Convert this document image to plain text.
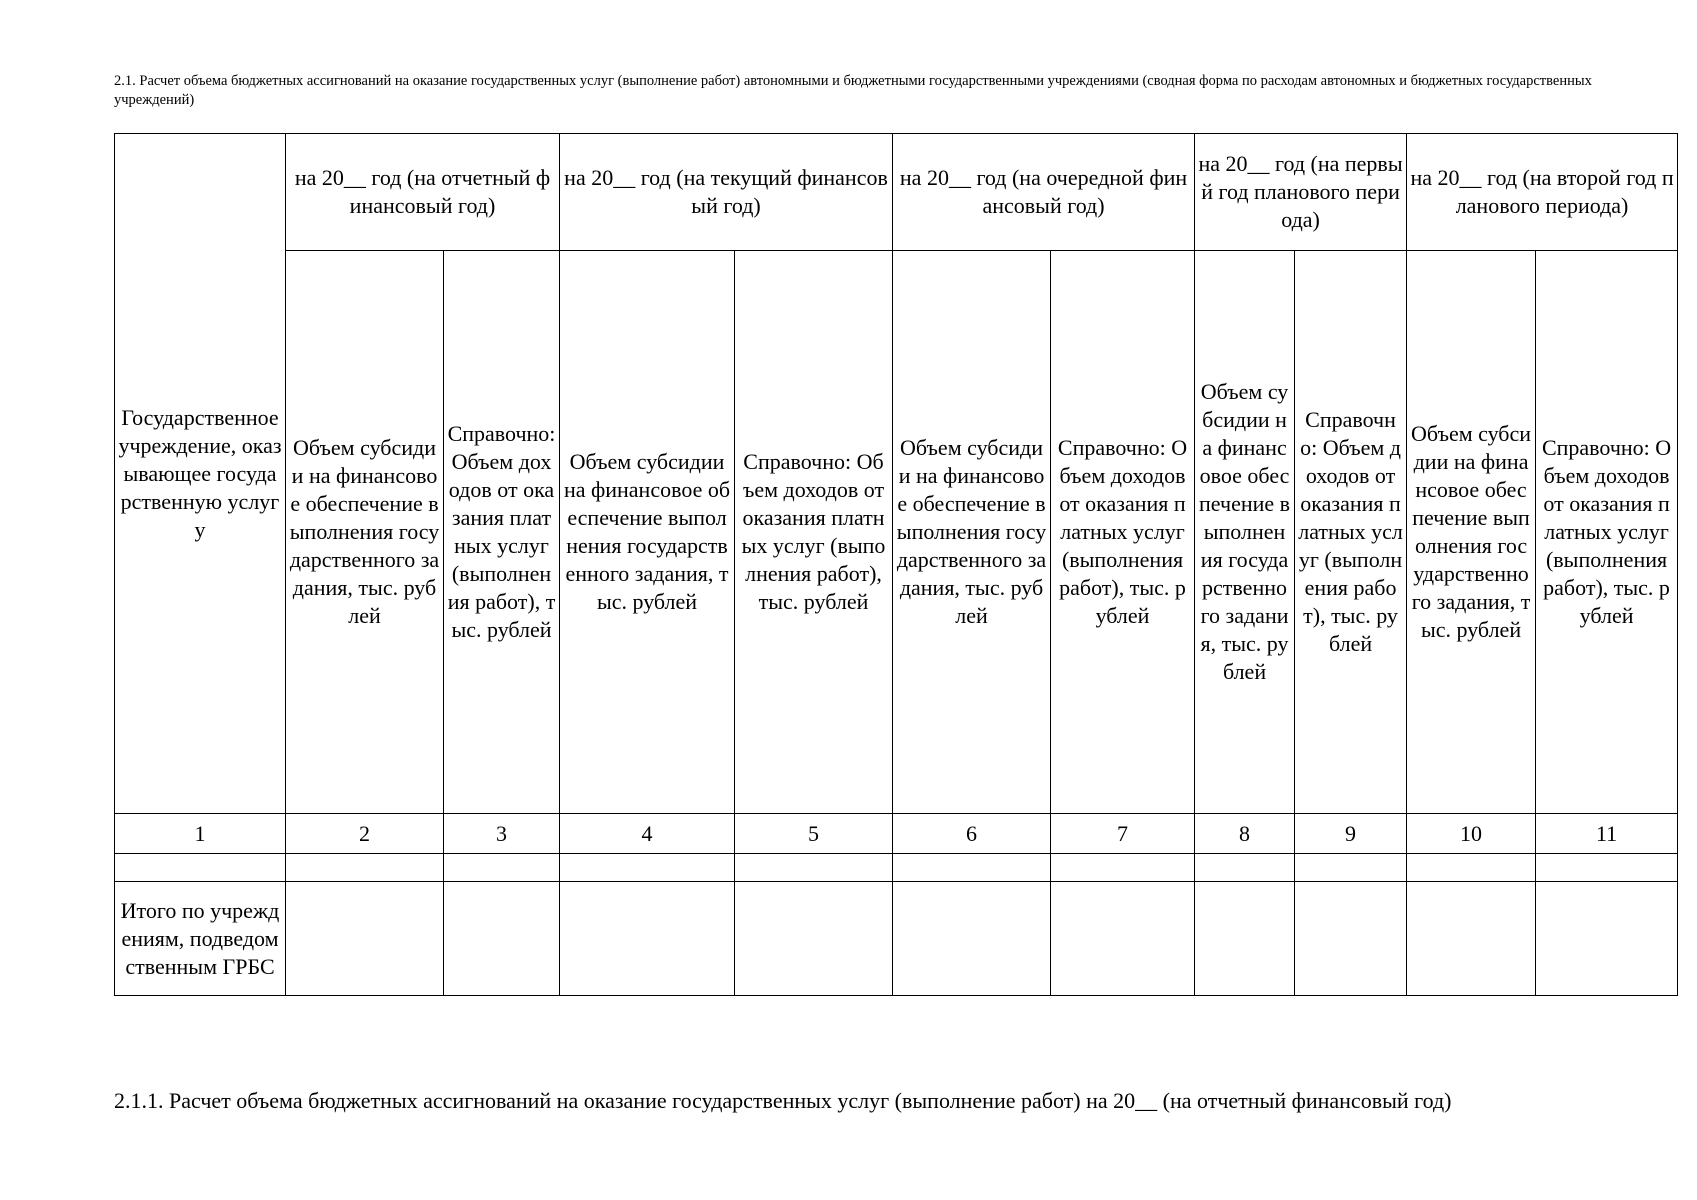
2.1. Расчет объема бюджетных ассигнований на оказание государственных услуг (выполнение работ) автономными и бюджетными государственными учреждениями (сводная форма по расходам автономных и бюджетных государственных учреждений)
Государственное учреждение, оказывающее государственную услугу	на 20__ год (на отчетный финансовый год)		на 20__ год (на текущий финансовый год)		на 20__ год (на очередной финансовый год)		на 20__ год (на первый год планового периода)		на 20__ год (на второй год планового периода)	
	Объем субсидии на финансовое обеспечение выполнения государственного задания, тыс. рублей	Справочно: Объем доходов от оказания платных услуг (выполнения работ), тыс. рублей	Объем субсидии на финансовое обеспечение выполнения государственного задания, тыс. рублей	Справочно: Объем доходов от оказания платных услуг (выполнения работ), тыс. рублей	Объем субсидии на финансовое обеспечение выполнения государственного задания, тыс. рублей	Справочно: Объем доходов от оказания платных услуг (выполнения работ), тыс. рублей	Объем субсидии на финансовое обеспечение выполнения государственного задания, тыс. рублей	Справочно: Объем доходов от оказания платных услуг (выполнения работ), тыс. рублей	Объем субсидии на финансовое обеспечение выполнения государственного задания, тыс. рублей	Справочно: Объем доходов от оказания платных услуг (выполнения работ), тыс. рублей
1	2	3	4	5	6	7	8	9	10	11

Итого по учреждениям, подведомственным ГРБС										
2.1.1. Расчет объема бюджетных ассигнований на оказание государственных услуг (выполнение работ) на 20__ (на отчетный финансовый год)
